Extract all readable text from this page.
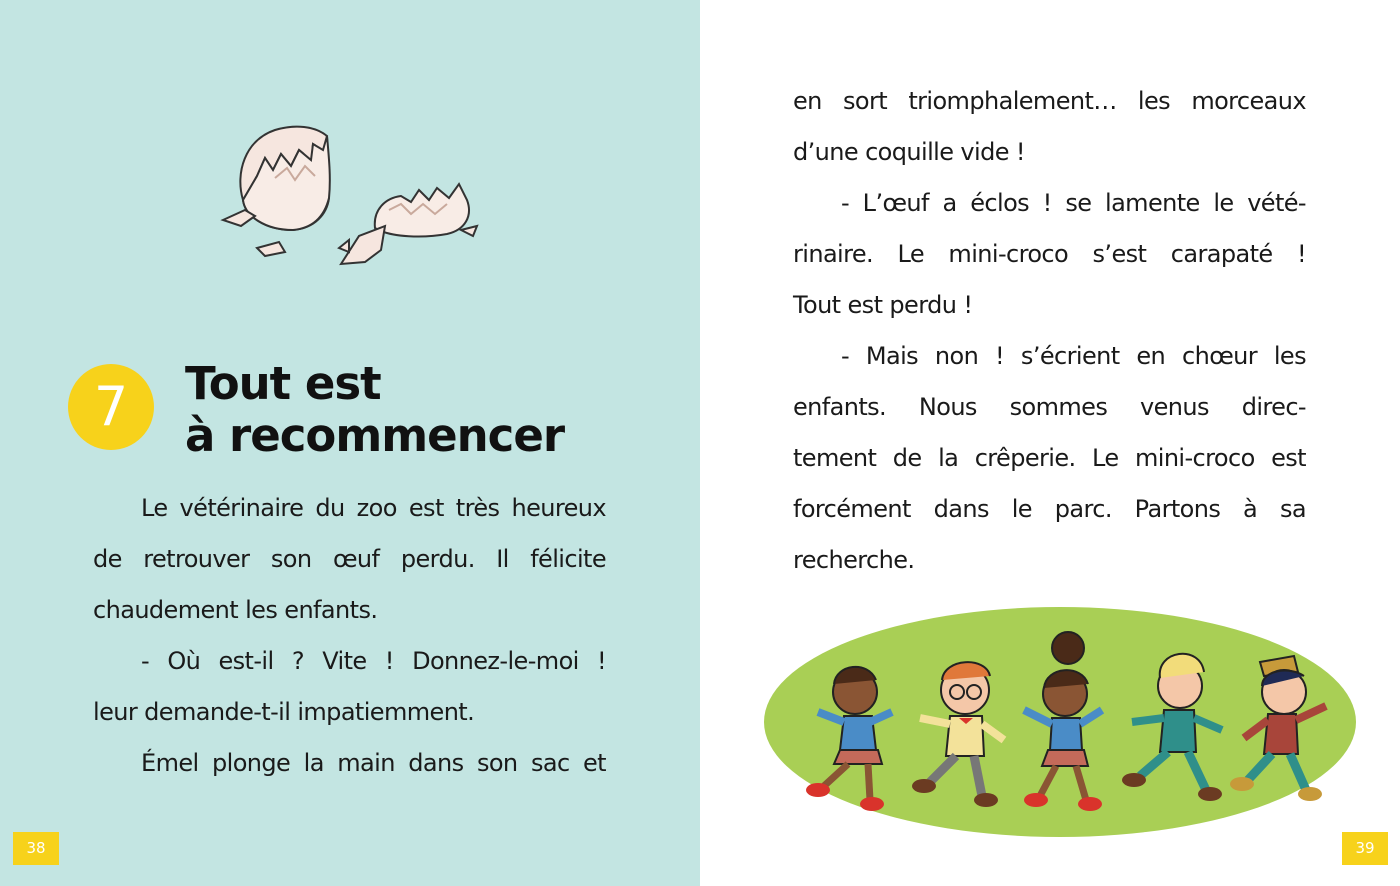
7	Tout est
à recommencer
Le vétérinaire du zoo est très heureux
de retrouver son œuf perdu. Il félicite
chaudement les enfants.
- Où est-il ? Vite ! Donnez-le-moi !
leur demande-t-il impatiemment.
Émel plonge la main dans son sac et
38
en sort triomphalement… les morceaux
d’une coquille vide !
- L’œuf a éclos ! se lamente le vété-
rinaire. Le mini-croco s’est carapaté !
Tout est perdu !
- Mais non ! s’écrient en chœur les
enfants. Nous sommes venus direc-
tement de la crêperie. Le mini-croco est
forcément dans le parc. Partons à sa
recherche.
39
